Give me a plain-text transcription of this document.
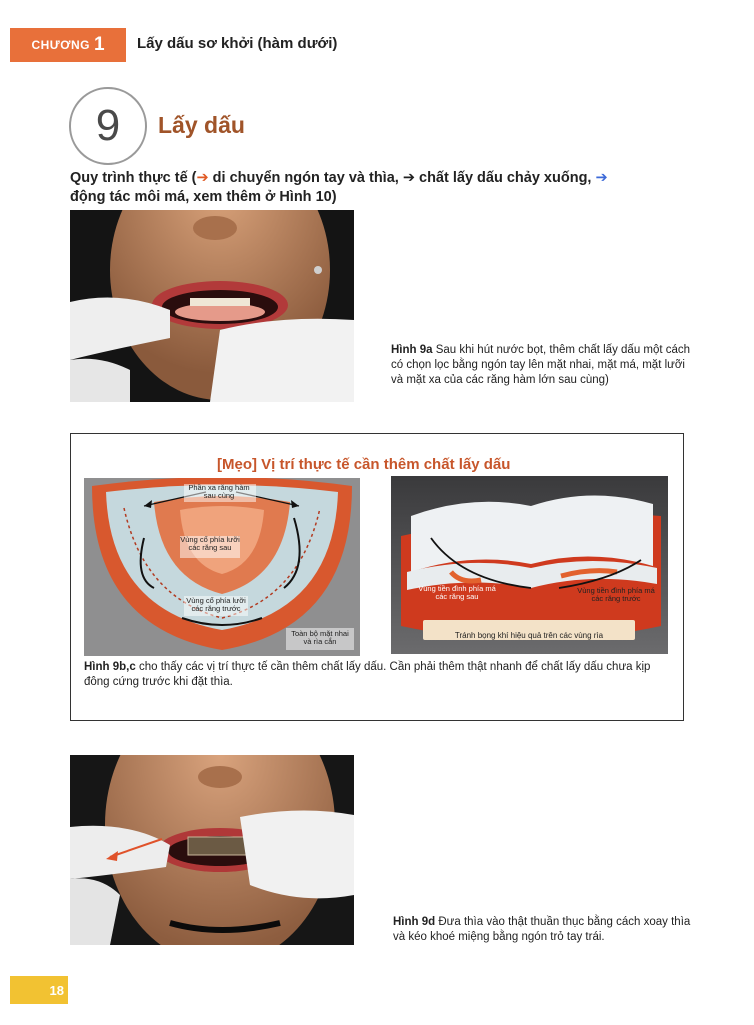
CHƯƠNG 1 Lấy dấu sơ khởi (hàm dưới)
9 Lấy dấu
Quy trình thực tế (➔ di chuyển ngón tay và thìa, ➔ chất lấy dấu chảy xuống, ➔
động tác môi má, xem thêm ở Hình 10)
Hình 9a Sau khi hút nước bọt, thêm chất lấy dấu một cách có chọn lọc bằng ngón tay lên mặt nhai, mặt má, mặt lưỡi và mặt xa của các răng hàm lớn sau cùng)
[Mẹo] Vị trí thực tế cần thêm chất lấy dấu
Phần xa răng hàm sau cùng
Vùng cổ phía lưỡi các răng sau
Vùng cổ phía lưỡi các răng trước
Toàn bộ mặt nhai và rìa cắn
Vùng tiền đình phía má các răng sau
Vùng tiền đình phía má các răng trước
Tránh bọng khí hiệu quả trên các vùng rìa
Hình 9b,c cho thấy các vị trí thực tế cần thêm chất lấy dấu. Cần phải thêm thật nhanh để chất lấy dấu chưa kịp đông cứng trước khi đặt thìa.
Hình 9d Đưa thìa vào thật thuần thục bằng cách xoay thìa và kéo khoé miệng bằng ngón trỏ tay trái.
18
